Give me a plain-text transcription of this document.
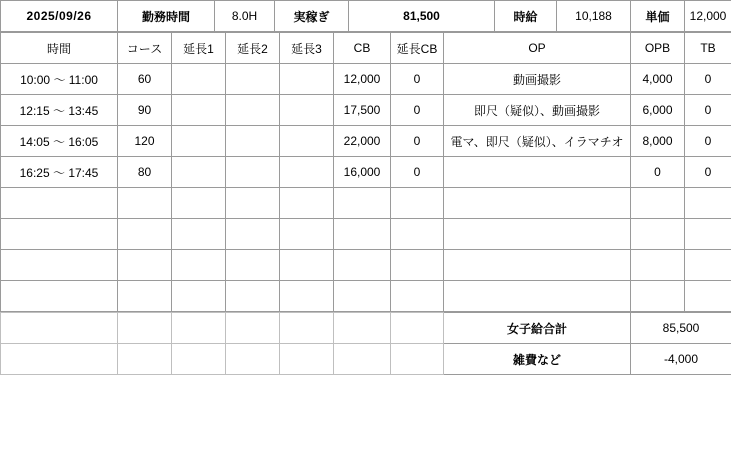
2025/09/26	勤務時間	8.0H	実稼ぎ	81,500	時給	10,188	単価	12,000
時間	コース	延長1	延長2	延長3	CB	延長CB	OP	OPB	TB
10:00 ～ 11:00	60				12,000	0	動画撮影	4,000	0
12:15 ～ 13:45	90				17,500	0	即尺（疑似）、動画撮影	6,000	0
14:05 ～ 16:05	120				22,000	0	電マ、即尺（疑似）、イラマチオ	8,000	0
16:25 ～ 17:45	80				16,000	0		0	0

							女子給合計	85,500
							雑費など	-4,000
